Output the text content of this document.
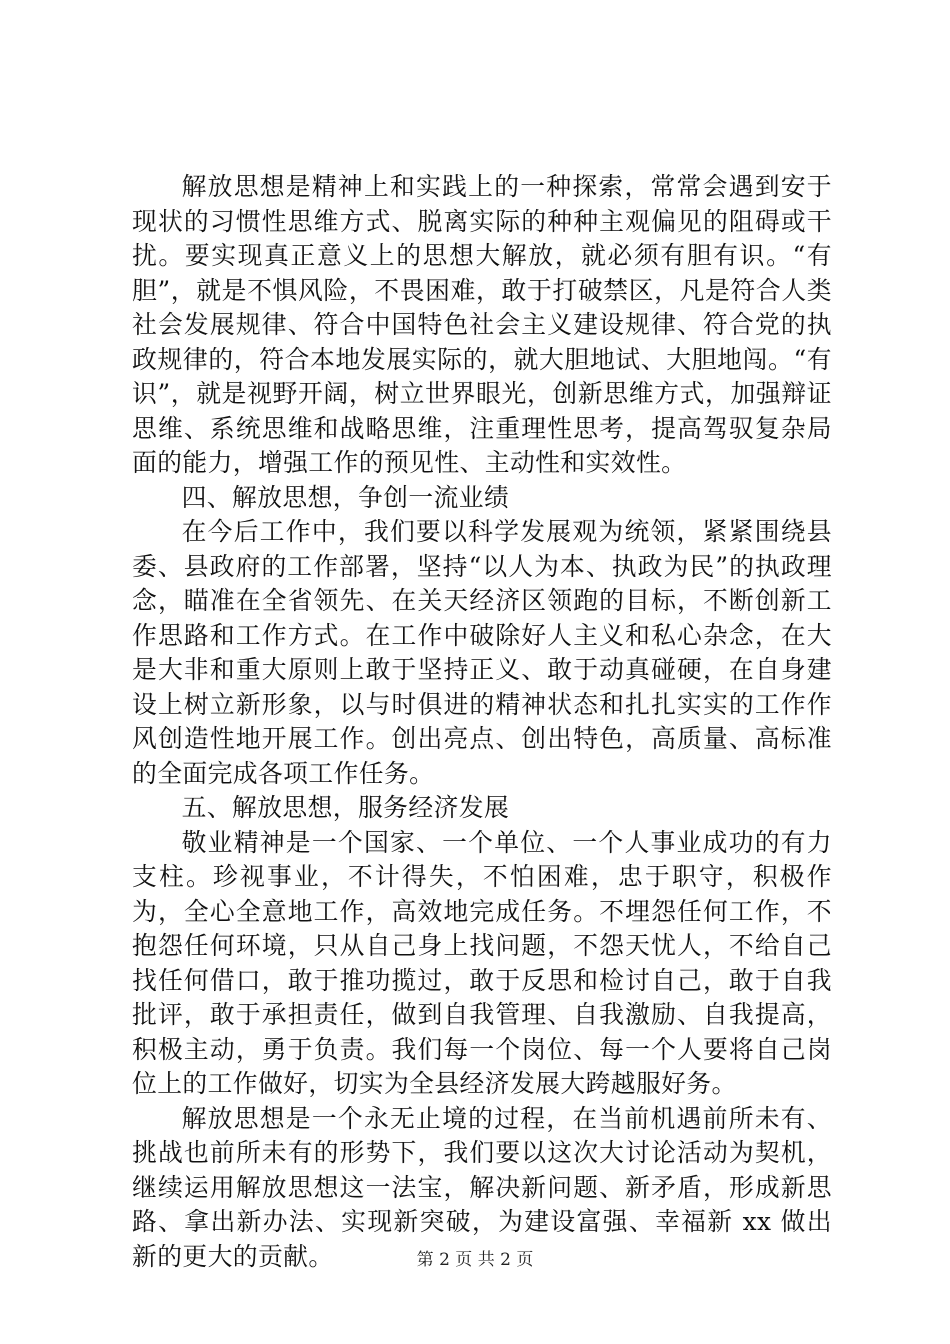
解放思想是精神上和实践上的一种探索，常常会遇到安于现状的习惯性思维方式、脱离实际的种种主观偏见的阻碍或干扰。要实现真正意义上的思想大解放，就必须有胆有识。“有胆”，就是不惧风险，不畏困难，敢于打破禁区，凡是符合人类社会发展规律、符合中国特色社会主义建设规律、符合党的执政规律的，符合本地发展实际的，就大胆地试、大胆地闯。“有识”，就是视野开阔，树立世界眼光，创新思维方式，加强辩证思维、系统思维和战略思维，注重理性思考，提高驾驭复杂局面的能力，增强工作的预见性、主动性和实效性。

四、解放思想，争创一流业绩

在今后工作中，我们要以科学发展观为统领，紧紧围绕县委、县政府的工作部署，坚持“以人为本、执政为民”的执政理念，瞄准在全省领先、在关天经济区领跑的目标，不断创新工作思路和工作方式。在工作中破除好人主义和私心杂念，在大是大非和重大原则上敢于坚持正义、敢于动真碰硬，在自身建设上树立新形象，以与时俱进的精神状态和扎扎实实的工作作风创造性地开展工作。创出亮点、创出特色，高质量、高标准的全面完成各项工作任务。

五、解放思想，服务经济发展

敬业精神是一个国家、一个单位、一个人事业成功的有力支柱。珍视事业，不计得失，不怕困难，忠于职守，积极作为，全心全意地工作，高效地完成任务。不埋怨任何工作，不抱怨任何环境，只从自己身上找问题，不怨天忧人，不给自己找任何借口，敢于推功揽过，敢于反思和检讨自己，敢于自我批评，敢于承担责任，做到自我管理、自我激励、自我提高，积极主动，勇于负责。我们每一个岗位、每一个人要将自己岗位上的工作做好，切实为全县经济发展大跨越服好务。

解放思想是一个永无止境的过程，在当前机遇前所未有、挑战也前所未有的形势下，我们要以这次大讨论活动为契机，继续运用解放思想这一法宝，解决新问题、新矛盾，形成新思路、拿出新办法、实现新突破，为建设富强、幸福新 xx 做出新的更大的贡献。	第 2 页 共 2 页
